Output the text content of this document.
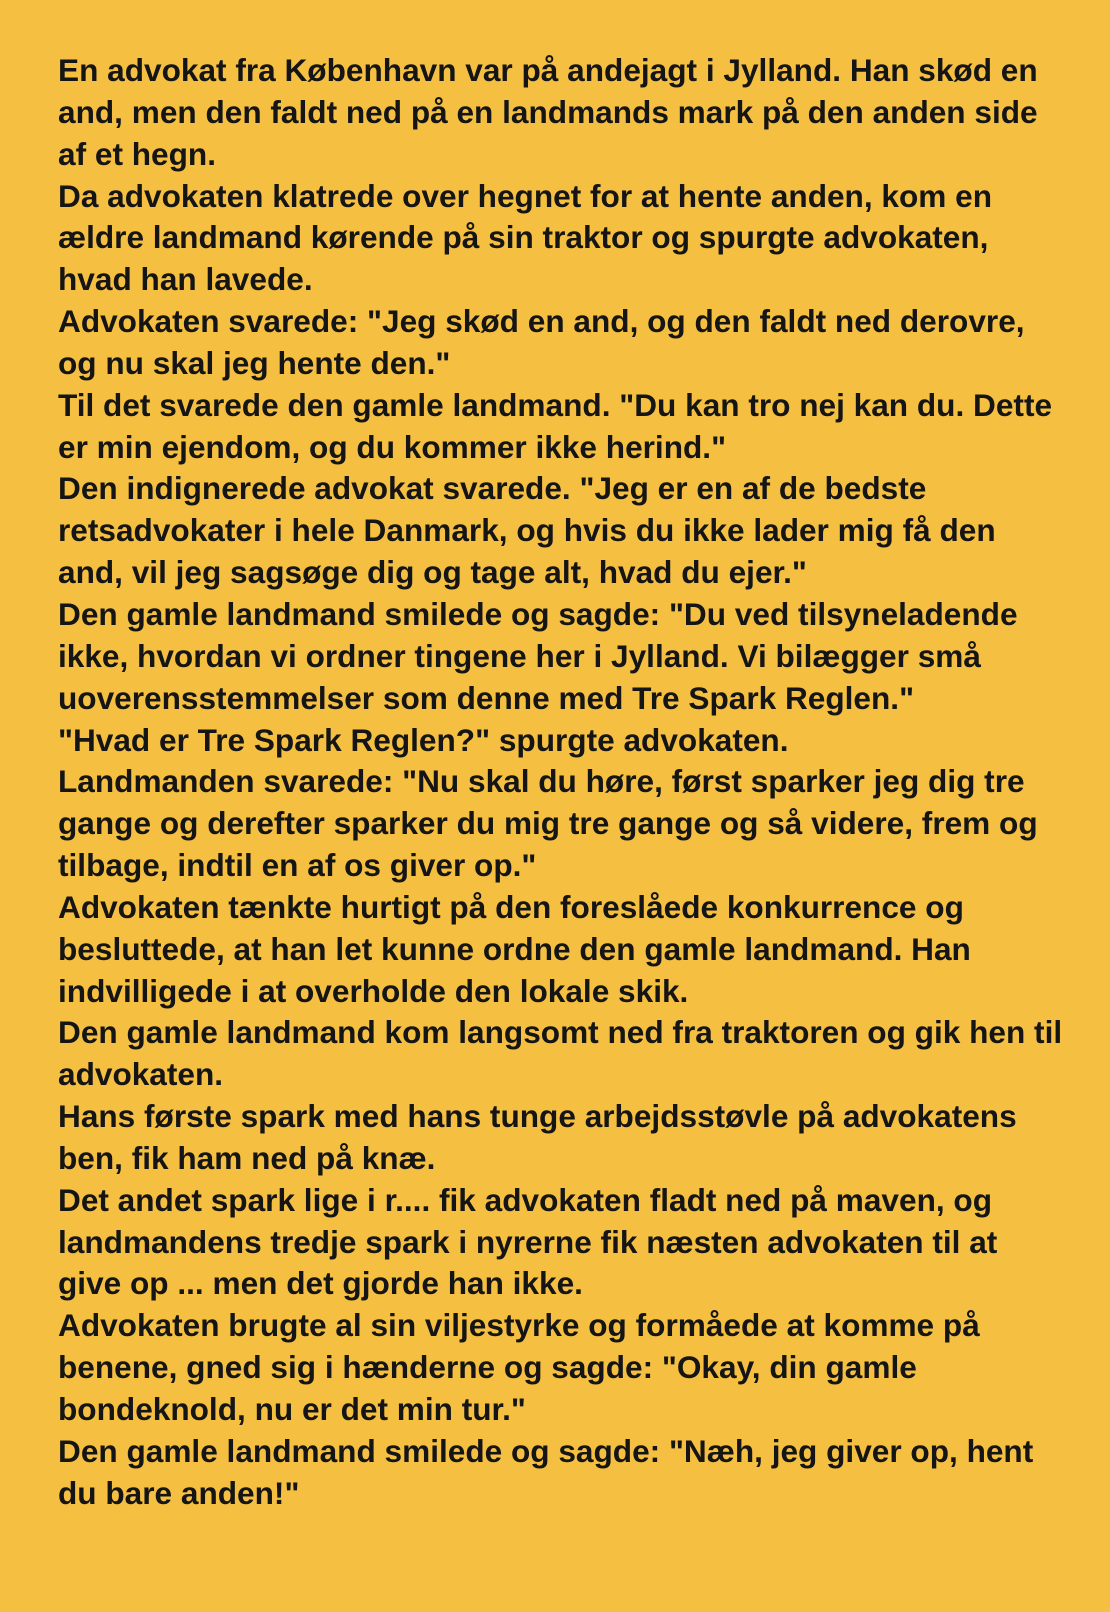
En advokat fra København var på andejagt i Jylland. Han skød en and, men den faldt ned på en landmands mark på den anden side af et hegn.

Da advokaten klatrede over hegnet for at hente anden, kom en ældre landmand kørende på sin traktor og spurgte advokaten, hvad han lavede.

Advokaten svarede: "Jeg skød en and, og den faldt ned derovre, og nu skal jeg hente den."

Til det svarede den gamle landmand. "Du kan tro nej kan du. Dette er min ejendom, og du kommer ikke herind."

Den indignerede advokat svarede. "Jeg er en af de bedste retsadvokater i hele Danmark, og hvis du ikke lader mig få den and, vil jeg sagsøge dig og tage alt, hvad du ejer."

Den gamle landmand smilede og sagde: "Du ved tilsyneladende ikke, hvordan vi ordner tingene her i Jylland. Vi bilægger små uoverensstemmelser som denne med Tre Spark Reglen."

"Hvad er Tre Spark Reglen?" spurgte advokaten.

Landmanden svarede: "Nu skal du høre, først sparker jeg dig tre gange og derefter sparker du mig tre gange og så videre, frem og tilbage, indtil en af os giver op."

Advokaten tænkte hurtigt på den foreslåede konkurrence og besluttede, at han let kunne ordne den gamle landmand. Han indvilligede i at overholde den lokale skik.

Den gamle landmand kom langsomt ned fra traktoren og gik hen til advokaten.

Hans første spark med hans tunge arbejdsstøvle på advokatens ben, fik ham ned på knæ.

Det andet spark lige i r.... fik advokaten fladt ned på maven, og landmandens tredje spark i nyrerne fik næsten advokaten til at give op ... men det gjorde han ikke.

Advokaten brugte al sin viljestyrke og formåede at komme på benene, gned sig i hænderne og sagde: "Okay, din gamle bondeknold, nu er det min tur."

Den gamle landmand smilede og sagde: "Næh, jeg giver op, hent du bare anden!"
